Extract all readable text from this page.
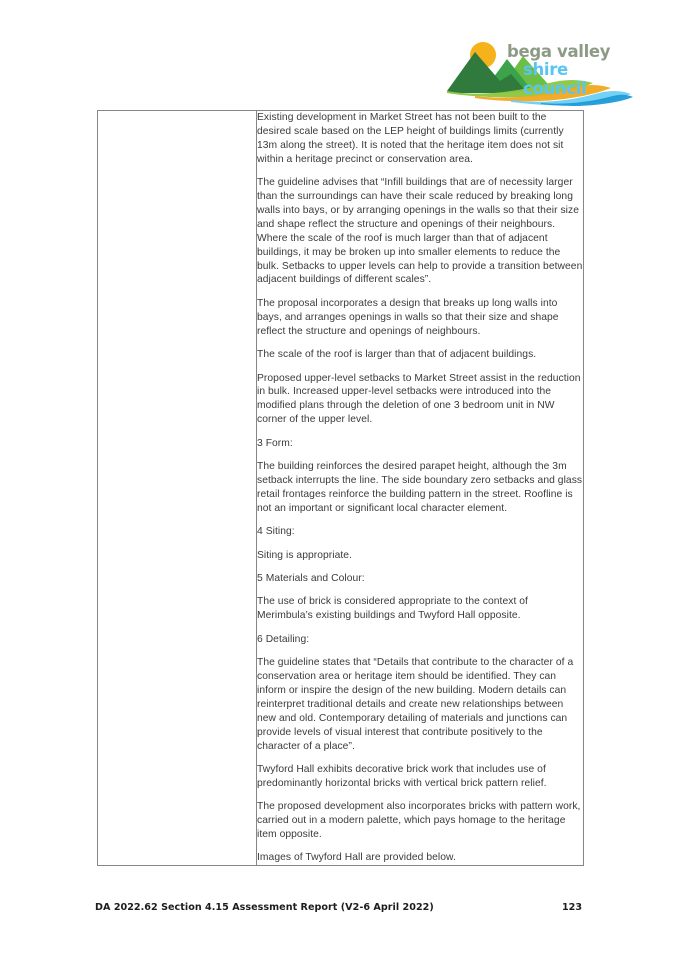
bega valley
shire council

Existing development in Market Street has not been built to the desired scale based on the LEP height of buildings limits (currently 13m along the street). It is noted that the heritage item does not sit within a heritage precinct or conservation area.

The guideline advises that “Infill buildings that are of necessity larger than the surroundings can have their scale reduced by breaking long walls into bays, or by arranging openings in the walls so that their size and shape reflect the structure and openings of their neighbours. Where the scale of the roof is much larger than that of adjacent buildings, it may be broken up into smaller elements to reduce the bulk. Setbacks to upper levels can help to provide a transition between adjacent buildings of different scales”.

The proposal incorporates a design that breaks up long walls into bays, and arranges openings in walls so that their size and shape reflect the structure and openings of neighbours.

The scale of the roof is larger than that of adjacent buildings.

Proposed upper-level setbacks to Market Street assist in the reduction in bulk. Increased upper-level setbacks were introduced into the modified plans through the deletion of one 3 bedroom unit in NW corner of the upper level.

3 Form:

The building reinforces the desired parapet height, although the 3m setback interrupts the line. The side boundary zero setbacks and glass retail frontages reinforce the building pattern in the street. Roofline is not an important or significant local character element.

4 Siting:

Siting is appropriate.

5 Materials and Colour:

The use of brick is considered appropriate to the context of Merimbula’s existing buildings and Twyford Hall opposite.

6 Detailing:

The guideline states that “Details that contribute to the character of a conservation area or heritage item should be identified. They can inform or inspire the design of the new building. Modern details can reinterpret traditional details and create new relationships between new and old. Contemporary detailing of materials and junctions can provide levels of visual interest that contribute positively to the character of a place”.

Twyford Hall exhibits decorative brick work that includes use of predominantly horizontal bricks with vertical brick pattern relief.

The proposed development also incorporates bricks with pattern work, carried out in a modern palette, which pays homage to the heritage item opposite.

Images of Twyford Hall are provided below.

DA 2022.62 Section 4.15 Assessment Report (V2-6 April 2022)	123
